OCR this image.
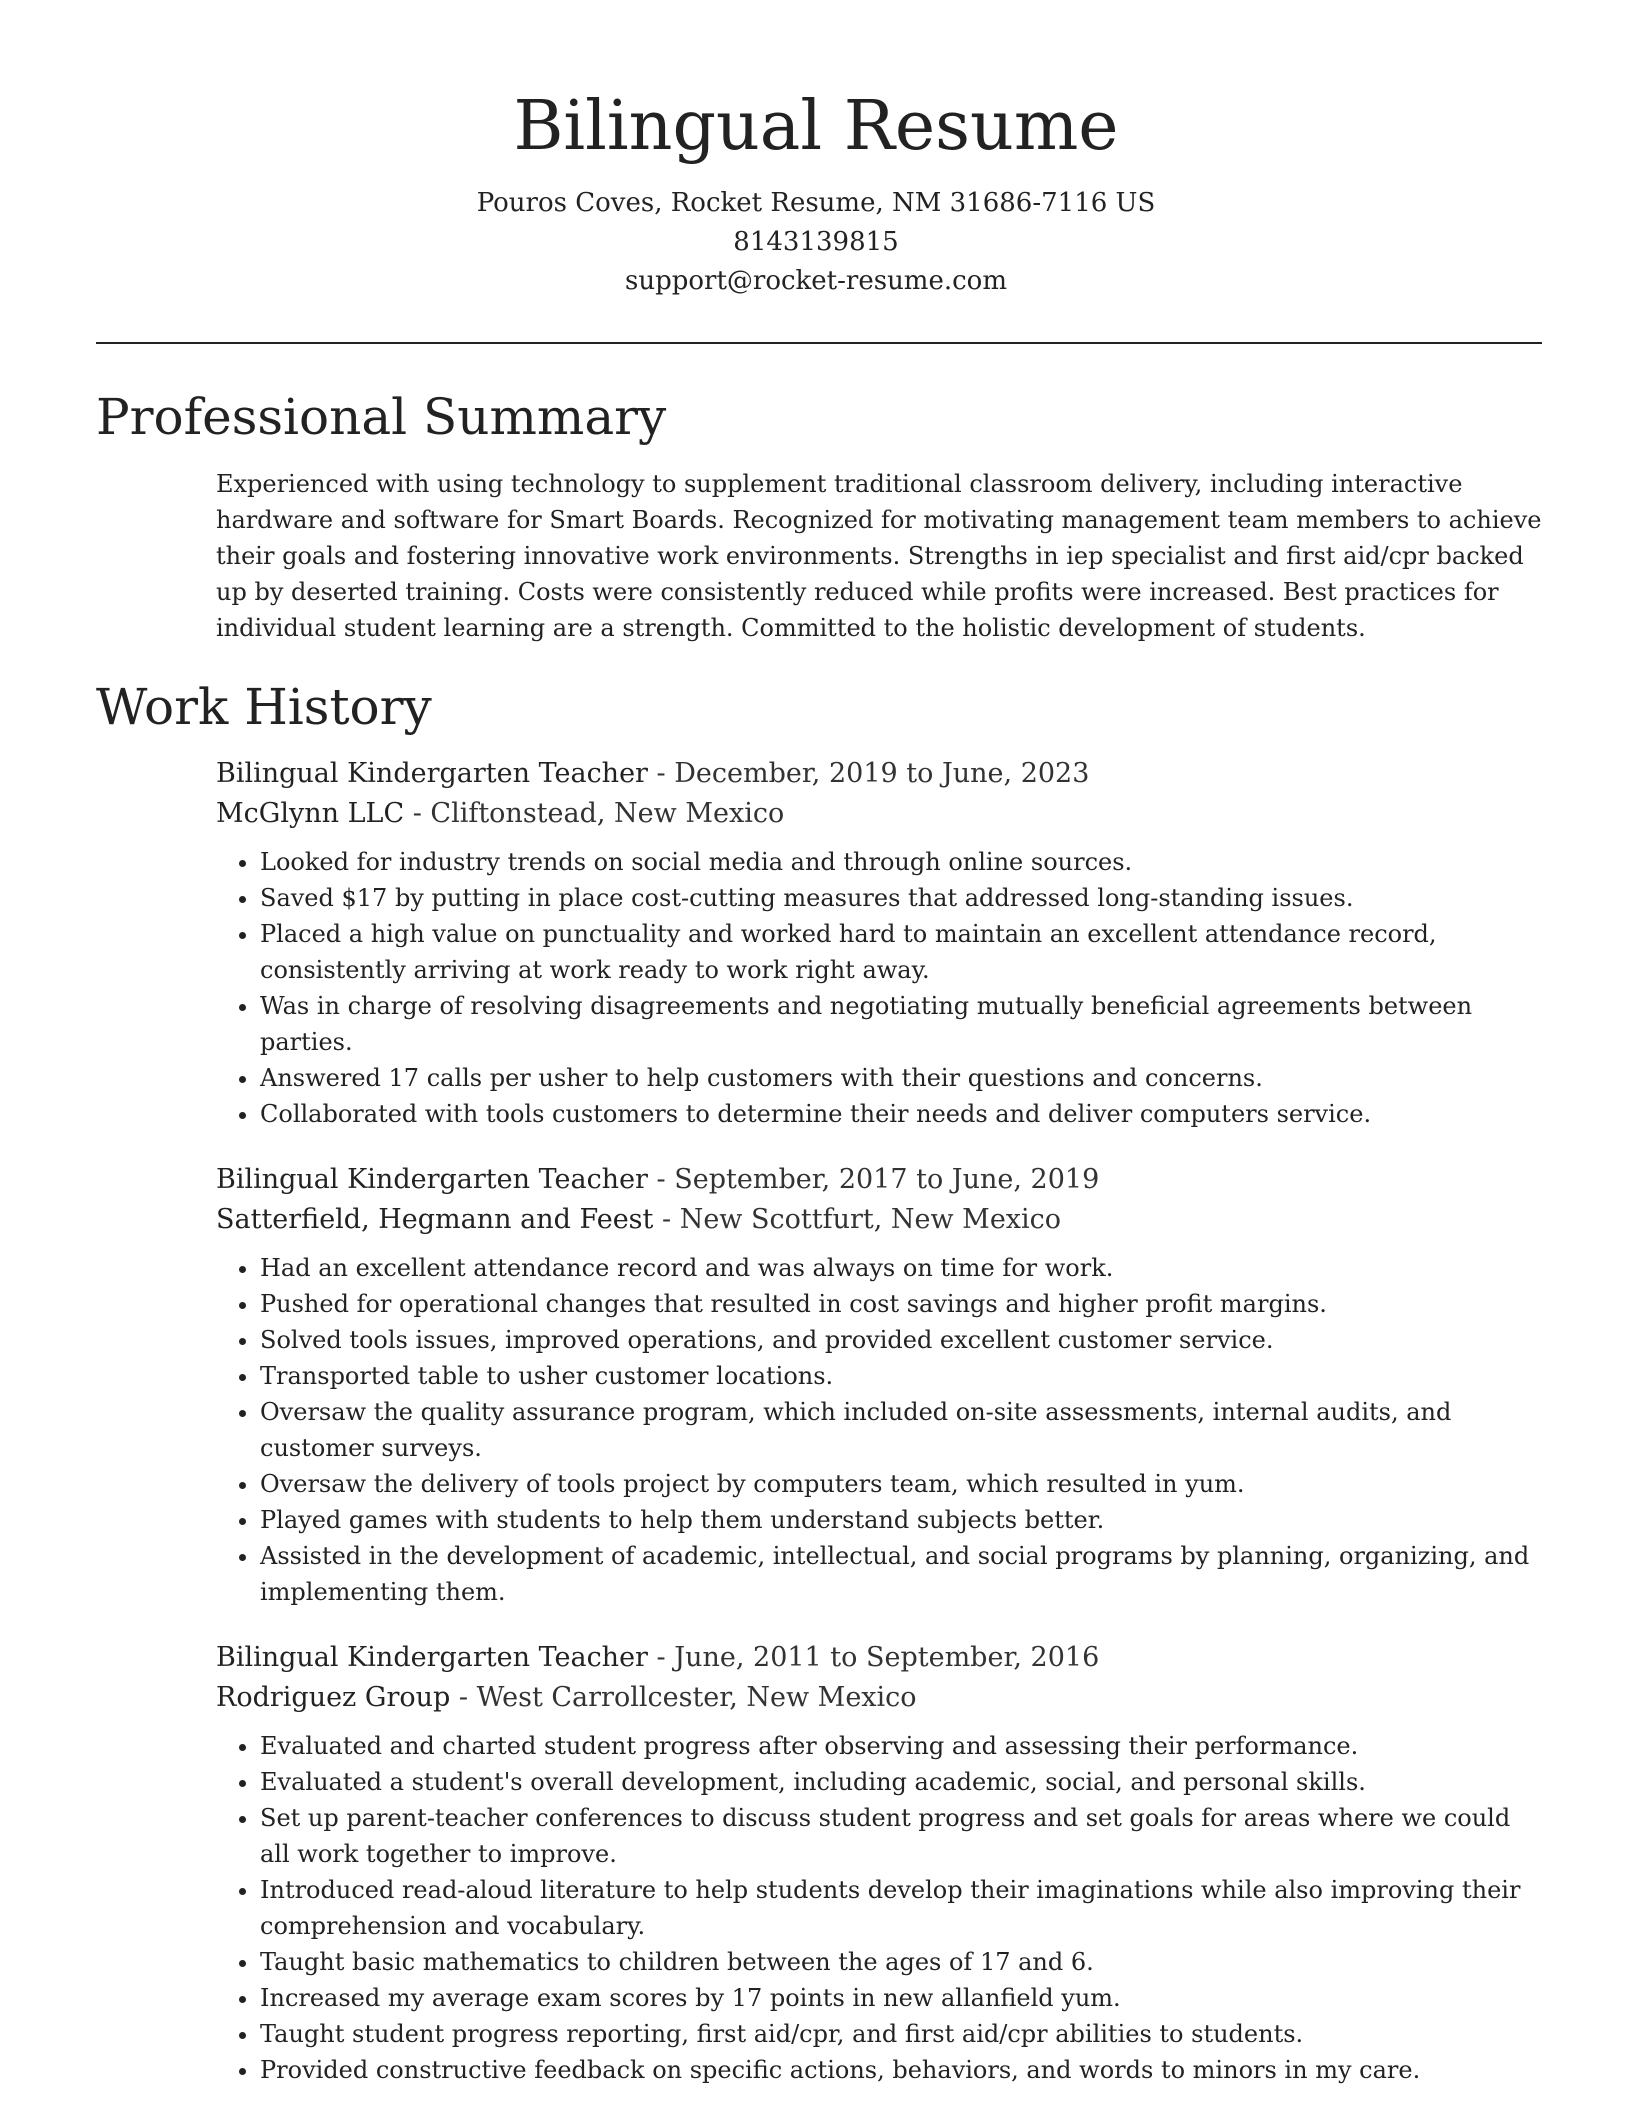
Bilingual Resume
Pouros Coves, Rocket Resume, NM 31686-7116 US
8143139815
support@rocket-resume.com
Professional Summary

Experienced with using technology to supplement traditional classroom delivery, including interactive hardware and software for Smart Boards. Recognized for motivating management team members to achieve their goals and fostering innovative work environments. Strengths in iep specialist and first aid/cpr backed up by deserted training. Costs were consistently reduced while profits were increased. Best practices for individual student learning are a strength. Committed to the holistic development of students.

Work History
Bilingual Kindergarten Teacher - December, 2019 to June, 2023
McGlynn LLC - Cliftonstead, New Mexico
• Looked for industry trends on social media and through online sources.
• Saved $17 by putting in place cost-cutting measures that addressed long-standing issues.
• Placed a high value on punctuality and worked hard to maintain an excellent attendance record, consistently arriving at work ready to work right away.
• Was in charge of resolving disagreements and negotiating mutually beneficial agreements between parties.
• Answered 17 calls per usher to help customers with their questions and concerns.
• Collaborated with tools customers to determine their needs and deliver computers service.
Bilingual Kindergarten Teacher - September, 2017 to June, 2019
Satterfield, Hegmann and Feest - New Scottfurt, New Mexico
• Had an excellent attendance record and was always on time for work.
• Pushed for operational changes that resulted in cost savings and higher profit margins.
• Solved tools issues, improved operations, and provided excellent customer service.
• Transported table to usher customer locations.
• Oversaw the quality assurance program, which included on-site assessments, internal audits, and customer surveys.
• Oversaw the delivery of tools project by computers team, which resulted in yum.
• Played games with students to help them understand subjects better.
• Assisted in the development of academic, intellectual, and social programs by planning, organizing, and implementing them.
Bilingual Kindergarten Teacher - June, 2011 to September, 2016
Rodriguez Group - West Carrollcester, New Mexico
• Evaluated and charted student progress after observing and assessing their performance.
• Evaluated a student's overall development, including academic, social, and personal skills.
• Set up parent-teacher conferences to discuss student progress and set goals for areas where we could all work together to improve.
• Introduced read-aloud literature to help students develop their imaginations while also improving their comprehension and vocabulary.
• Taught basic mathematics to children between the ages of 17 and 6.
• Increased my average exam scores by 17 points in new allanfield yum.
• Taught student progress reporting, first aid/cpr, and first aid/cpr abilities to students.
• Provided constructive feedback on specific actions, behaviors, and words to minors in my care.
